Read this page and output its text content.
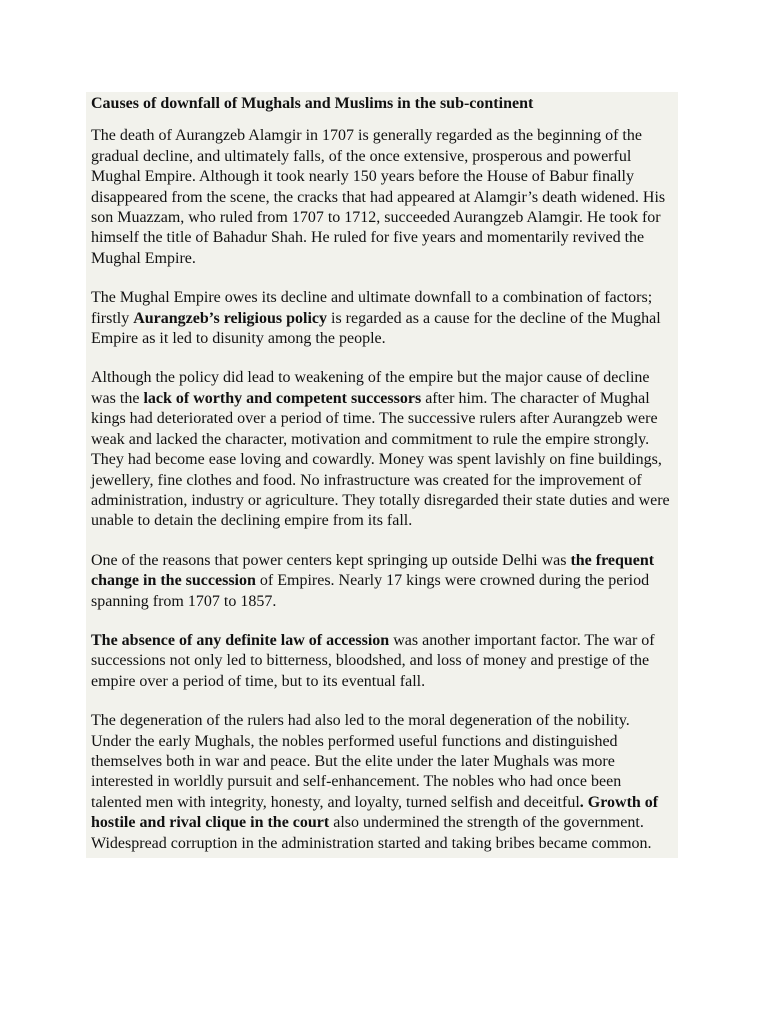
Causes of downfall of Mughals and Muslims in the sub-continent

The death of Aurangzeb Alamgir in 1707 is generally regarded as the beginning of the gradual decline, and ultimately falls, of the once extensive, prosperous and powerful Mughal Empire. Although it took nearly 150 years before the House of Babur finally disappeared from the scene, the cracks that had appeared at Alamgir’s death widened. His son Muazzam, who ruled from 1707 to 1712, succeeded Aurangzeb Alamgir. He took for himself the title of Bahadur Shah. He ruled for five years and momentarily revived the Mughal Empire.

The Mughal Empire owes its decline and ultimate downfall to a combination of factors; firstly Aurangzeb’s religious policy is regarded as a cause for the decline of the Mughal Empire as it led to disunity among the people.

Although the policy did lead to weakening of the empire but the major cause of decline was the lack of worthy and competent successors after him. The character of Mughal kings had deteriorated over a period of time. The successive rulers after Aurangzeb were weak and lacked the character, motivation and commitment to rule the empire strongly. They had become ease loving and cowardly. Money was spent lavishly on fine buildings, jewellery, fine clothes and food. No infrastructure was created for the improvement of administration, industry or agriculture. They totally disregarded their state duties and were unable to detain the declining empire from its fall.

One of the reasons that power centers kept springing up outside Delhi was the frequent change in the succession of Empires. Nearly 17 kings were crowned during the period spanning from 1707 to 1857.

The absence of any definite law of accession was another important factor. The war of successions not only led to bitterness, bloodshed, and loss of money and prestige of the empire over a period of time, but to its eventual fall.

The degeneration of the rulers had also led to the moral degeneration of the nobility. Under the early Mughals, the nobles performed useful functions and distinguished themselves both in war and peace. But the elite under the later Mughals was more interested in worldly pursuit and self-enhancement. The nobles who had once been talented men with integrity, honesty, and loyalty, turned selfish and deceitful. Growth of hostile and rival clique in the court also undermined the strength of the government. Widespread corruption in the administration started and taking bribes became common.
